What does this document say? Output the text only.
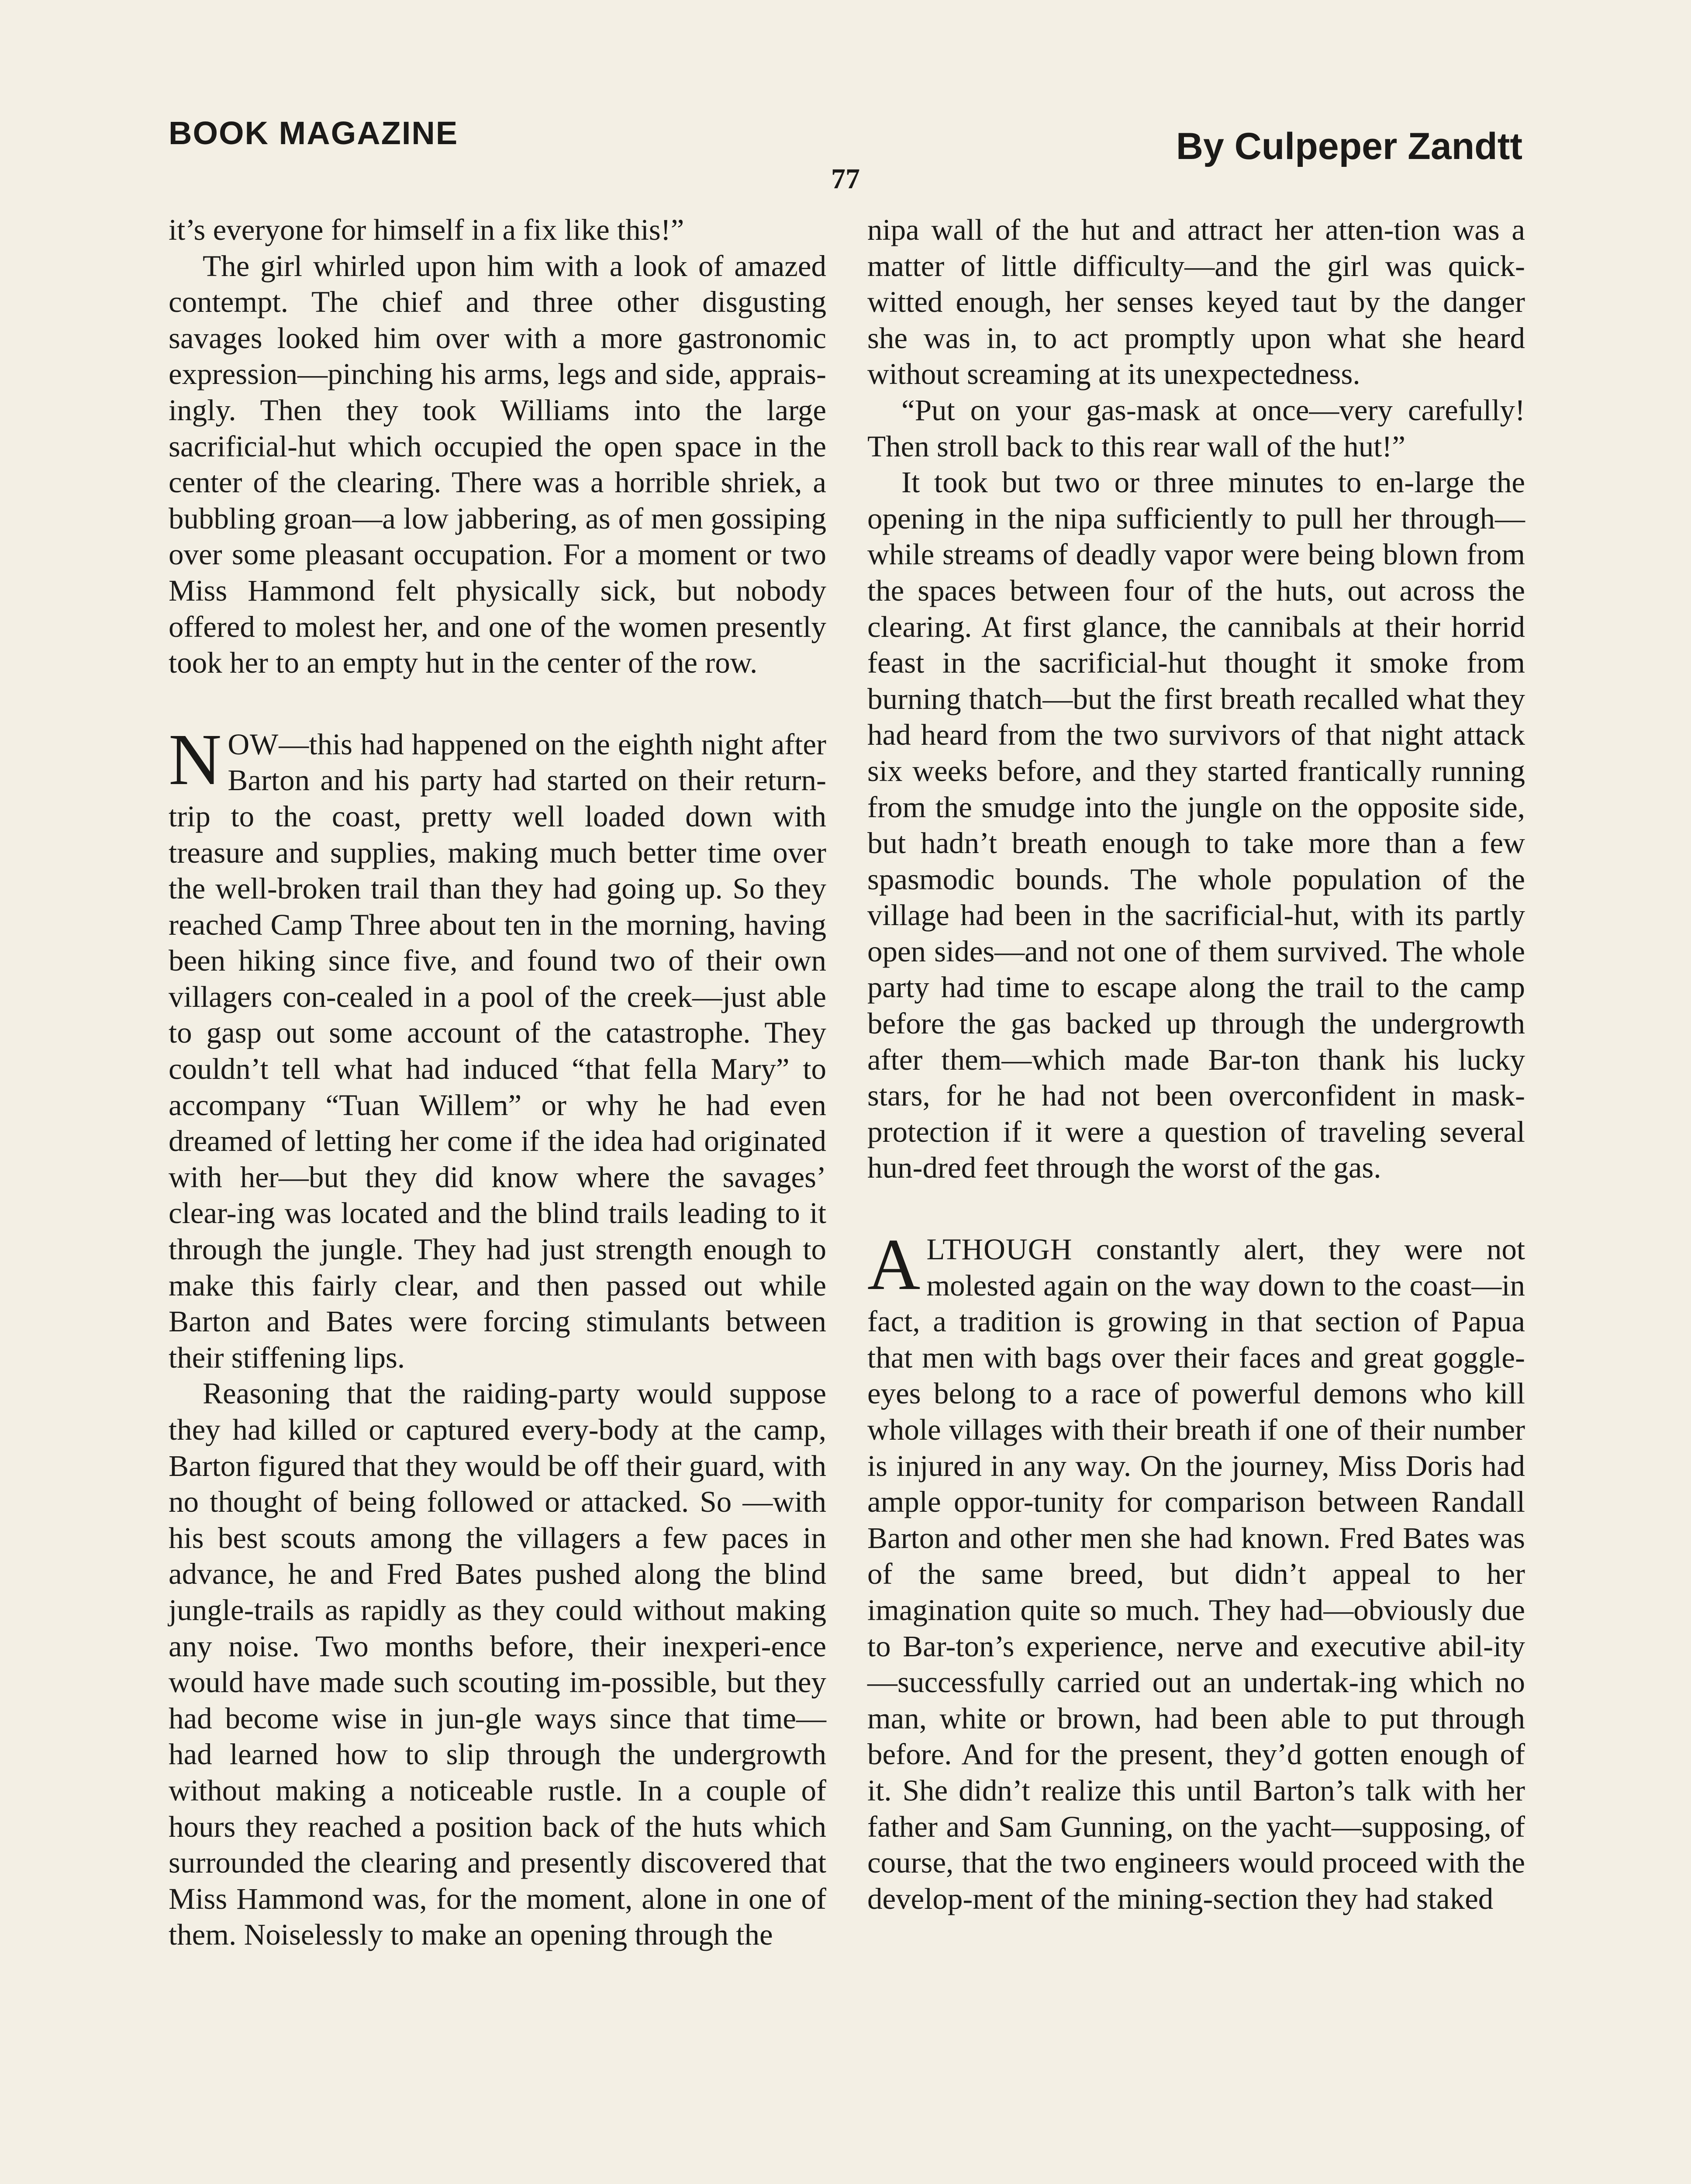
BOOK MAGAZINE	By Culpeper Zandtt
77

it’s everyone for himself in a fix like this!”

The girl whirled upon him with a look of amazed contempt. The chief and three other disgusting savages looked him over with a more gastronomic expression—pinching his arms, legs and side, apprais-ingly. Then they took Williams into the large sacrificial-hut which occupied the open space in the center of the clearing. There was a horrible shriek, a bubbling groan—a low jabbering, as of men gossiping over some pleasant occupation. For a moment or two Miss Hammond felt physically sick, but nobody offered to molest her, and one of the women presently took her to an empty hut in the center of the row.

NOW—this had happened on the eighth night after Barton and his party had started on their return-trip to the coast, pretty well loaded down with treasure and supplies, making much better time over the well-broken trail than they had going up. So they reached Camp Three about ten in the morning, having been hiking since five, and found two of their own villagers con-cealed in a pool of the creek—just able to gasp out some account of the catastrophe. They couldn’t tell what had induced “that fella Mary” to accompany “Tuan Willem” or why he had even dreamed of letting her come if the idea had originated with her—but they did know where the savages’ clear-ing was located and the blind trails leading to it through the jungle. They had just strength enough to make this fairly clear, and then passed out while Barton and Bates were forcing stimulants between their stiffening lips.

Reasoning that the raiding-party would suppose they had killed or captured every-body at the camp, Barton figured that they would be off their guard, with no thought of being followed or attacked. So —with his best scouts among the villagers a few paces in advance, he and Fred Bates pushed along the blind jungle-trails as rapidly as they could without making any noise. Two months before, their inexperi-ence would have made such scouting im-possible, but they had become wise in jun-gle ways since that time—had learned how to slip through the undergrowth without making a noticeable rustle. In a couple of hours they reached a position back of the huts which surrounded the clearing and presently discovered that Miss Hammond was, for the moment, alone in one of them. Noiselessly to make an opening through the

nipa wall of the hut and attract her atten-tion was a matter of little difficulty—and the girl was quick-witted enough, her senses keyed taut by the danger she was in, to act promptly upon what she heard without screaming at its unexpectedness.

“Put on your gas-mask at once—very carefully! Then stroll back to this rear wall of the hut!”

It took but two or three minutes to en-large the opening in the nipa sufficiently to pull her through—while streams of deadly vapor were being blown from the spaces between four of the huts, out across the clearing. At first glance, the cannibals at their horrid feast in the sacrificial-hut thought it smoke from burning thatch—but the first breath recalled what they had heard from the two survivors of that night attack six weeks before, and they started frantically running from the smudge into the jungle on the opposite side, but hadn’t breath enough to take more than a few spasmodic bounds. The whole population of the village had been in the sacrificial-hut, with its partly open sides—and not one of them survived. The whole party had time to escape along the trail to the camp before the gas backed up through the undergrowth after them—which made Bar-ton thank his lucky stars, for he had not been overconfident in mask-protection if it were a question of traveling several hun-dred feet through the worst of the gas.

ALTHOUGH constantly alert, they were not molested again on the way down to the coast—in fact, a tradition is growing in that section of Papua that men with bags over their faces and great goggle-eyes belong to a race of powerful demons who kill whole villages with their breath if one of their number is injured in any way. On the journey, Miss Doris had ample oppor-tunity for comparison between Randall Barton and other men she had known. Fred Bates was of the same breed, but didn’t appeal to her imagination quite so much. They had—obviously due to Bar-ton’s experience, nerve and executive abil-ity—successfully carried out an undertak-ing which no man, white or brown, had been able to put through before. And for the present, they’d gotten enough of it. She didn’t realize this until Barton’s talk with her father and Sam Gunning, on the yacht—supposing, of course, that the two engineers would proceed with the develop-ment of the mining-section they had staked
